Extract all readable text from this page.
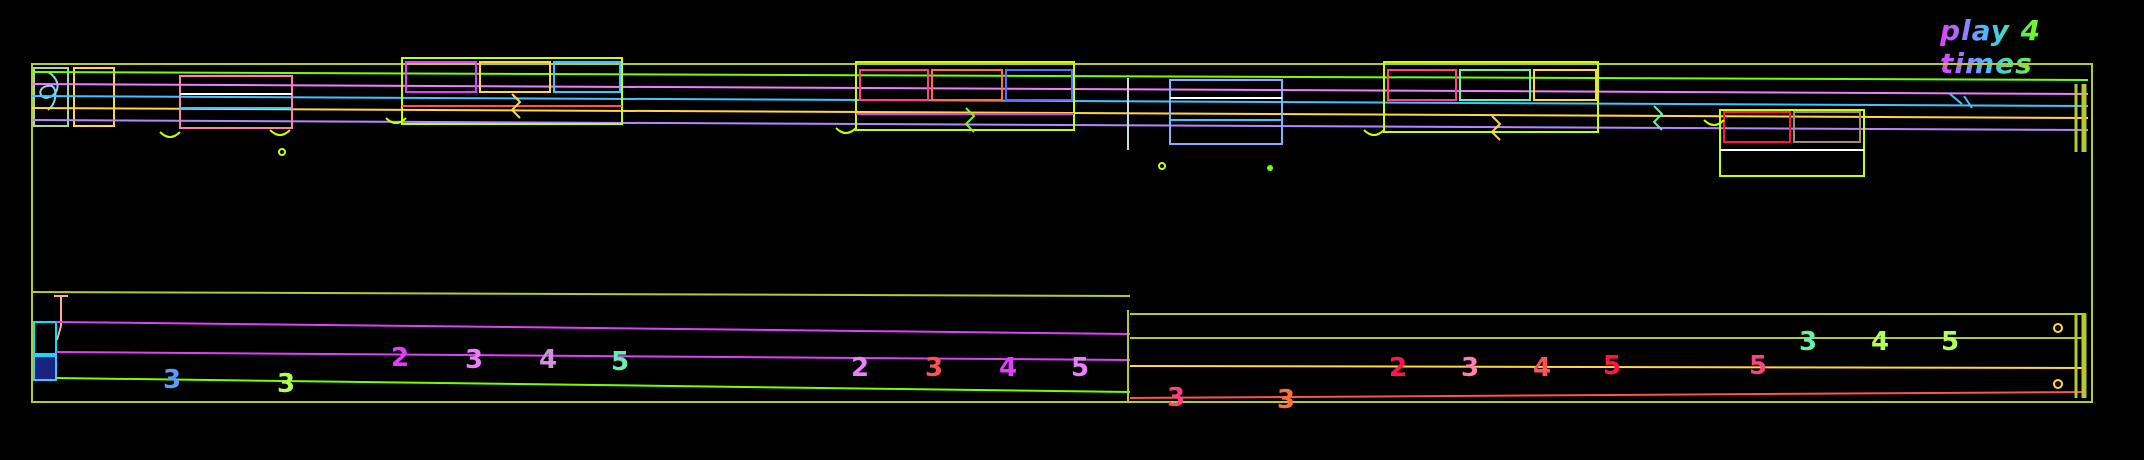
play 4 times
3	3
2 3 4 5	2 3 4 5
3	3
2 3 4 5	5
3 4 5
